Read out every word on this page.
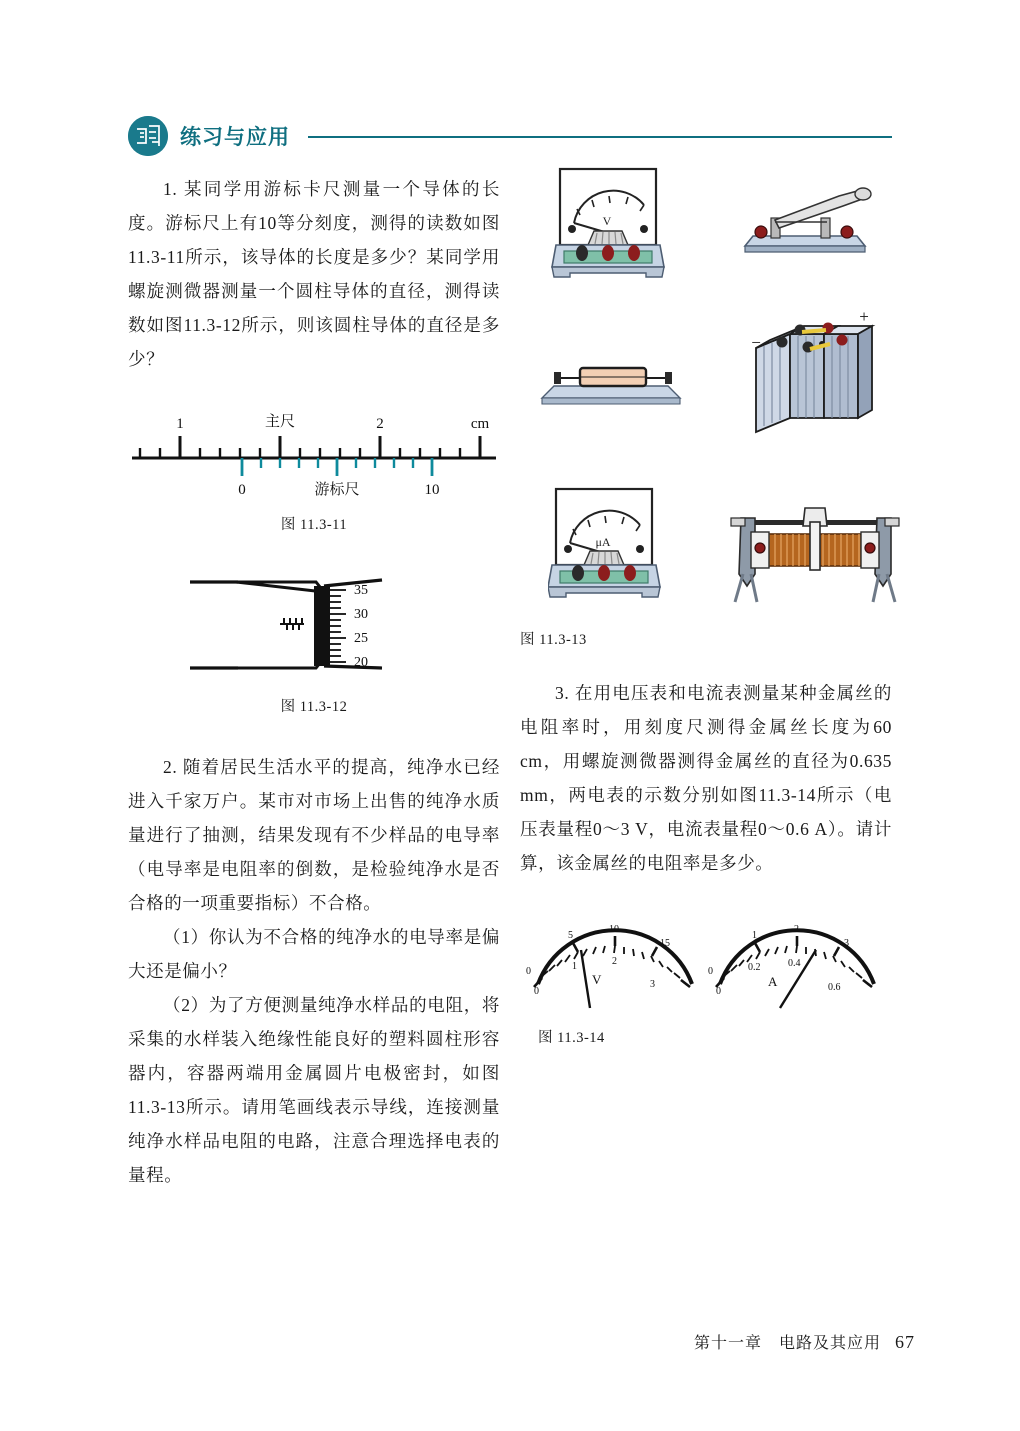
练习与应用

1. 某同学用游标卡尺测量一个导体的长度。游标尺上有10等分刻度，测得的读数如图11.3-11所示，该导体的长度是多少？某同学用螺旋测微器测量一个圆柱导体的直径，测得读数如图11.3-12所示，则该圆柱导体的直径是多少？

1	主尺	2	cm
0	游标尺	10
图 11.3-11
35
30
25
20
图 11.3-12

2. 随着居民生活水平的提高，纯净水已经进入千家万户。某市对市场上出售的纯净水质量进行了抽测，结果发现有不少样品的电导率（电导率是电阻率的倒数，是检验纯净水是否合格的一项重要指标）不合格。

（1）你认为不合格的纯净水的电导率是偏大还是偏小？

（2）为了方便测量纯净水样品的电阻，将采集的水样装入绝缘性能良好的塑料圆柱形容器内，容器两端用金属圆片电极密封，如图11.3-13所示。请用笔画线表示导线，连接测量纯净水样品电阻的电路，注意合理选择电表的量程。

V
−
+
μA
图 11.3-13

3. 在用电压表和电流表测量某种金属丝的电阻率时，用刻度尺测得金属丝长度为60 cm，用螺旋测微器测得金属丝的直径为0.635 mm，两电表的示数分别如图11.3-14所示（电压表量程0～3 V，电流表量程0～0.6 A）。请计算，该金属丝的电阻率是多少。

0
5
10
15
0
1	2
3
V
0
1
2
3
0
0.2	0.4
0.6
A
图 11.3-14
第十一章　电路及其应用 67
